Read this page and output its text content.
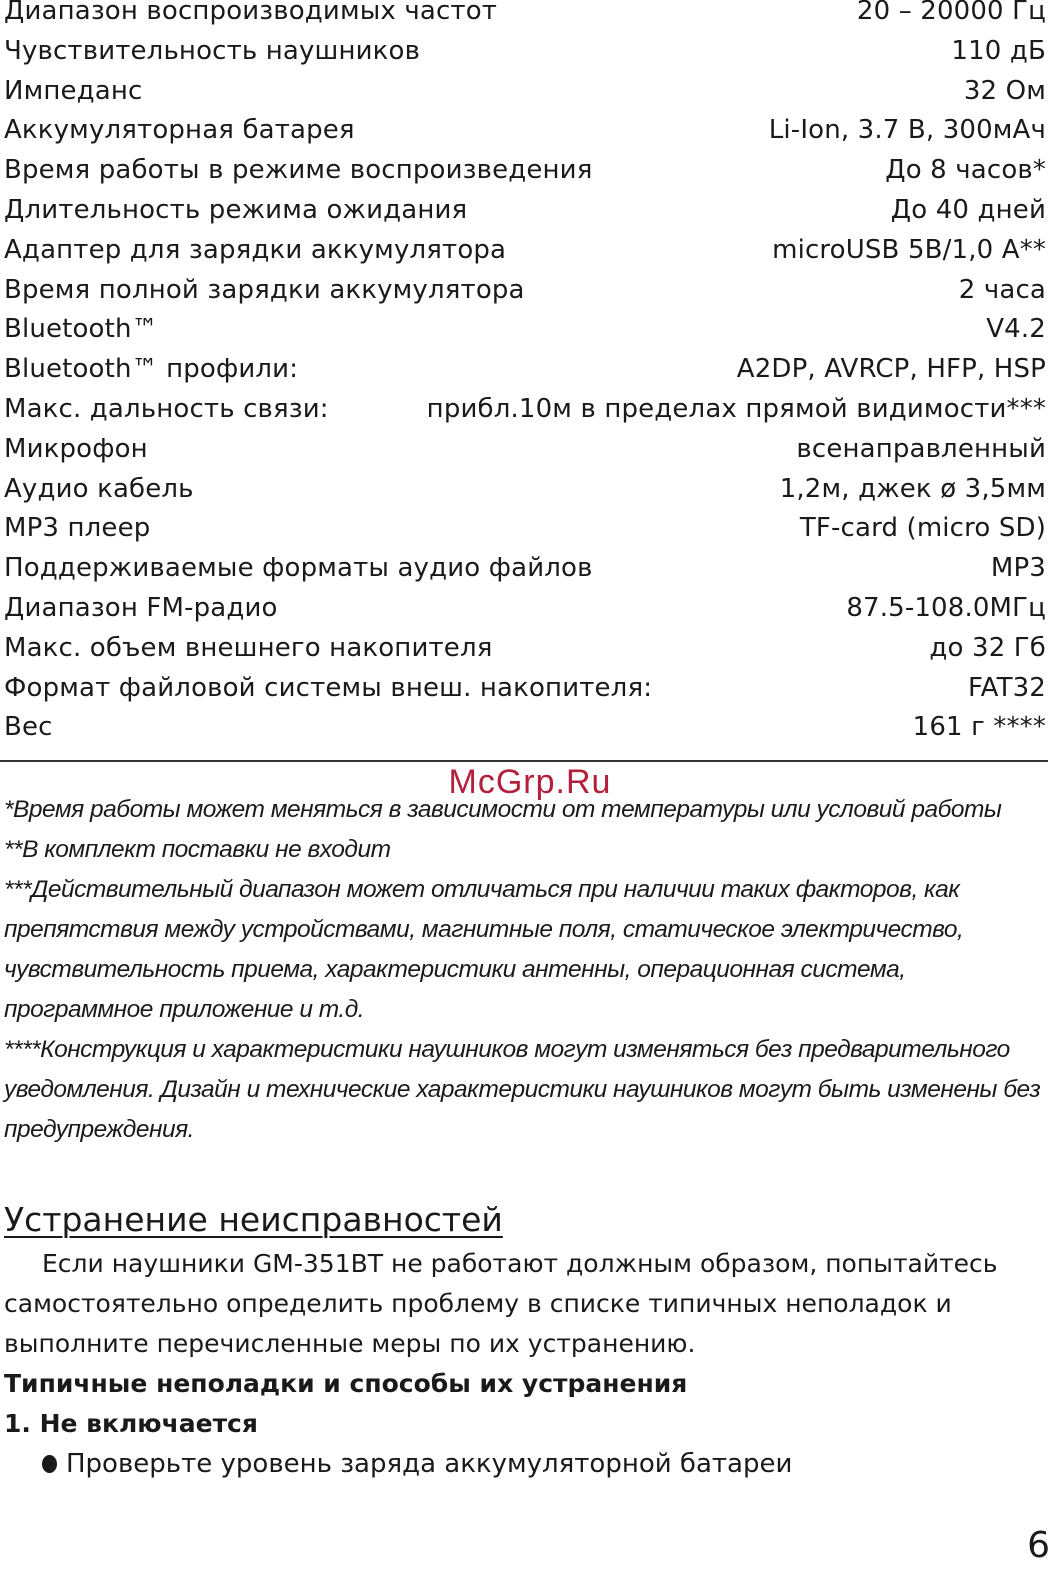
Диапазон воспроизводимых частот	20 – 20000 Гц
Чувствительность наушников	110 дБ
Импеданс	32 Ом
Аккумуляторная батарея	Li-Ion, 3.7 В, 300мАч
Время работы в режиме воспроизведения	До 8 часов*
Длительность режима ожидания	До 40 дней
Адаптер для зарядки аккумулятора	microUSB 5В/1,0 А**
Время полной зарядки аккумулятора	2 часа
Bluetooth™	V4.2
Bluetooth™ профили:	A2DP, AVRCP, HFP, HSP
Макс. дальность связи:	прибл.10м в пределах прямой видимости***
Микрофон	всенаправленный
Аудио кабель	1,2м, джек ø 3,5мм
MP3 плеер	TF-card (micro SD)
Поддерживаемые форматы аудио файлов	MP3
Диапазон FM-радио	87.5-108.0МГц
Макс. объем внешнего накопителя	до 32 Гб
Формат файловой системы внеш. накопителя:	FAT32
Вес	161 г ****
McGrp.Ru

*Время работы может меняться в зависимости от температуры или условий работы

**В комплект поставки не входит

***Действительный диапазон может отличаться при наличии таких факторов, как препятствия между устройствами, магнитные поля, статическое электричество, чувствительность приема, характеристики антенны, операционная система, программное приложение и т.д.

****Конструкция и характеристики наушников могут изменяться без предварительного уведомления. Дизайн и технические характеристики наушников могут быть изменены без предупреждения.

Устранение неисправностей

Если наушники GM-351BT не работают должным образом, попытайтесь самостоятельно определить проблему в списке типичных неполадок и выполните перечисленные меры по их устранению.

Типичные неполадки и способы их устранения

1. Не включается

Проверьте уровень заряда аккумуляторной батареи
6
